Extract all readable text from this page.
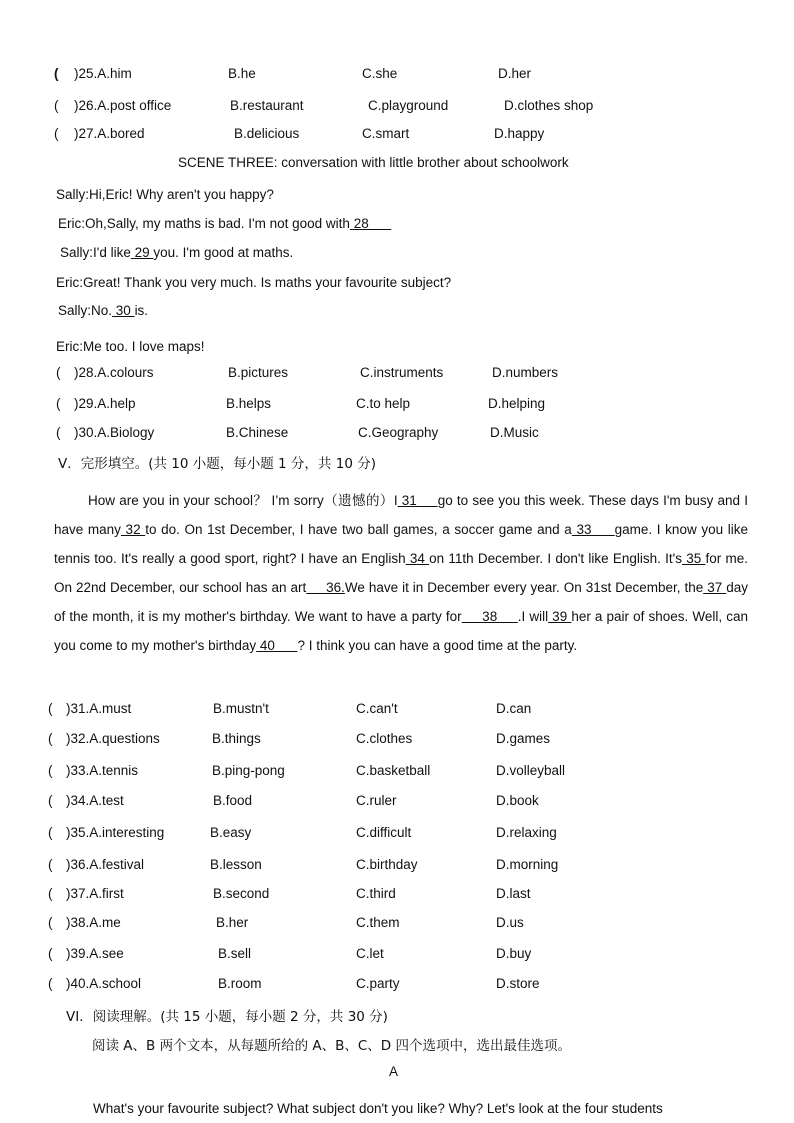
( )25.A.him	B.he	C.she	D.her
( )26.A.post office	B.restaurant	C.playground	D.clothes shop
( )27.A.bored	B.delicious	C.smart	D.happy
SCENE THREE: conversation with little brother about schoolwork
Sally:Hi,Eric! Why aren't you happy?
Eric:Oh,Sally, my maths is bad. I'm not good with 28
Sally:I'd like 29 you. I'm good at maths.
Eric:Great! Thank you very much. Is maths your favourite subject?
Sally:No. 30 is.
Eric:Me too. I love maps!
( )28.A.colours	B.pictures	C.instruments	D.numbers
( )29.A.help	B.helps	C.to help	D.helping
( )30.A.Biology	B.Chinese	C.Geography	D.Music
V．完形填空。(共 10 小题，每小题 1 分，共 10 分)
How are you in your school？ I’m sorry（遗憾的）I 31     go to see you this week. These days I'm busy and I have many 32 to do. On 1st December, I have two ball games, a soccer game and a 33     game. I know you like tennis too. It's really a good sport, right? I have an English 34 on 11th December. I don't like English. It's 35 for me. On 22nd December, our school has an art     36.We have it in December every year. On 31st December, the 37 day of the month, it is my mother's birthday. We want to have a party for     38     .I will 39 her a pair of shoes. Well, can you come to my mother's birthday 40      ? I think you can have a good time at the party.
( )31.A.must	B.mustn't	C.can't	D.can
( )32.A.questions	B.things	C.clothes	D.games
( )33.A.tennis	B.ping-pong	C.basketball	D.volleyball
( )34.A.test	B.food	C.ruler	D.book
( )35.A.interesting	B.easy	C.difficult	D.relaxing
( )36.A.festival	B.lesson	C.birthday	D.morning
( )37.A.first	B.second	C.third	D.last
( )38.A.me	B.her	C.them	D.us
( )39.A.see	B.sell	C.let	D.buy
( )40.A.school	B.room	C.party	D.store
VI．阅读理解。(共 15 小题，每小题 2 分，共 30 分)
阅读 A、B 两个文本，从每题所给的 A、B、C、D 四个选项中，选出最佳选项。
A
What's your favourite subject? What subject don't you like? Why? Let's look at the four students
